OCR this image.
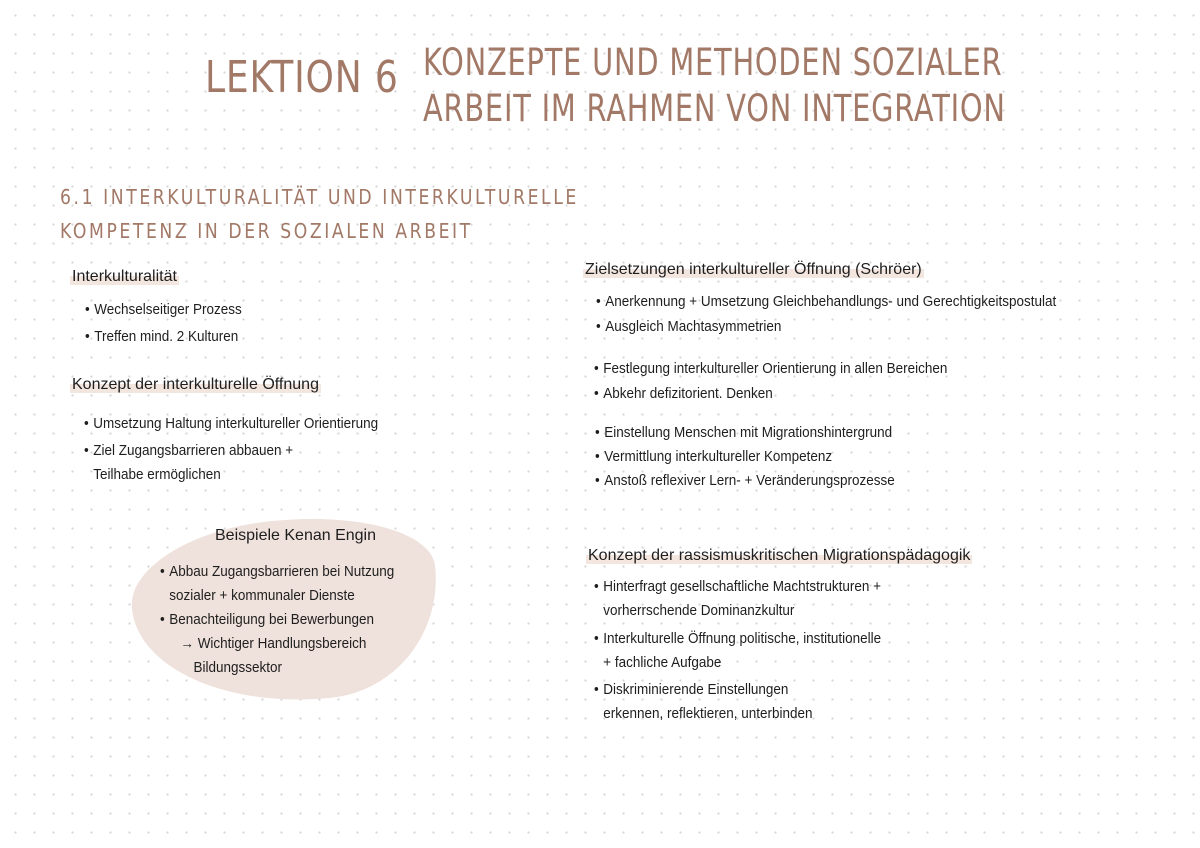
LEKTION 6 KONZEPTE UND METHODEN SOZIALER
ARBEIT IM RAHMEN VON INTEGRATION
6.1 INTERKULTURALITÄT UND INTERKULTURELLE
KOMPETENZ IN DER SOZIALEN ARBEIT
Interkulturalität
• Wechselseitiger Prozess
• Treffen mind. 2 Kulturen
Konzept der interkulturelle Öffnung
• Umsetzung Haltung interkultureller Orientierung
• Ziel Zugangsbarrieren abbauen +
Teilhabe ermöglichen
Beispiele Kenan Engin
• Abbau Zugangsbarrieren bei Nutzung
sozialer + kommunaler Dienste
• Benachteiligung bei Bewerbungen
→ Wichtiger Handlungsbereich
Bildungssektor
Zielsetzungen interkultureller Öffnung (Schröer)
• Anerkennung + Umsetzung Gleichbehandlungs- und Gerechtigkeitspostulat
• Ausgleich Machtasymmetrien
• Festlegung interkultureller Orientierung in allen Bereichen
• Abkehr defizitorient. Denken
• Einstellung Menschen mit Migrationshintergrund
• Vermittlung interkultureller Kompetenz
• Anstoß reflexiver Lern- + Veränderungsprozesse
Konzept der rassismuskritischen Migrationspädagogik
• Hinterfragt gesellschaftliche Machtstrukturen +
vorherrschende Dominanzkultur
• Interkulturelle Öffnung politische, institutionelle
+ fachliche Aufgabe
• Diskriminierende Einstellungen
erkennen, reflektieren, unterbinden
